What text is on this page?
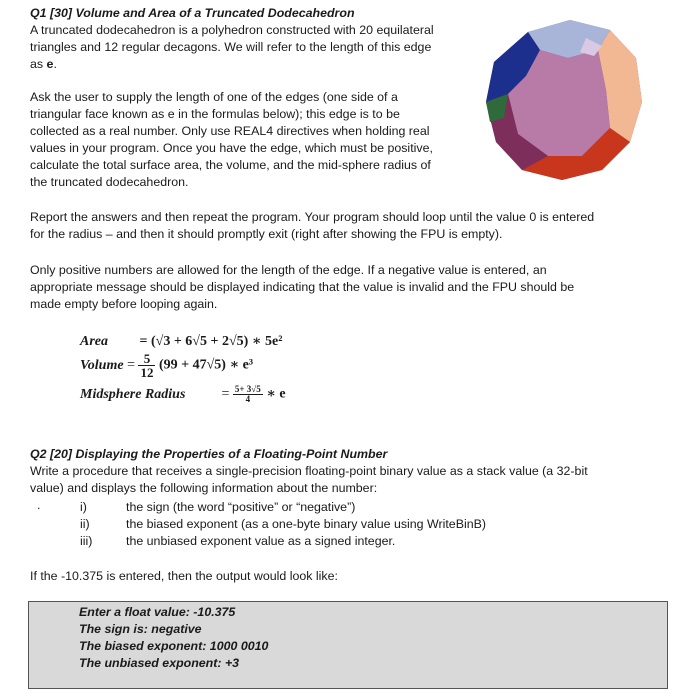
Q1 [30] Volume and Area of a Truncated Dodecahedron
A truncated dodecahedron is a polyhedron constructed with 20 equilateral
triangles and 12 regular decagons. We will refer to the length of this edge
as e.
Ask the user to supply the length of one of the edges (one side of a
triangular face known as e in the formulas below); this edge is to be
collected as a real number. Only use REAL4 directives when holding real
values in your program. Once you have the edge, which must be positive,
calculate the total surface area, the volume, and the mid-sphere radius of
the truncated dodecahedron.
Report the answers and then repeat the program. Your program should loop until the value 0 is entered
for the radius – and then it should promptly exit (right after showing the FPU is empty).
Only positive numbers are allowed for the length of the edge. If a negative value is entered, an
appropriate message should be displayed indicating that the value is invalid and the FPU should be
made empty before looping again.
Area = (√3 + 6√5 + 2√5) ∗ 5e²
Volume = $\frac{5}{12} (99 + 47√5)$ ∗ e³
Midsphere Radius	= $\frac{5+ 3√5}{4}$ ∗ e
Q2 [20] Displaying the Properties of a Floating-Point Number
Write a procedure that receives a single-precision floating-point binary value as a stack value (a 32-bit
value) and displays the following information about the number:
.	i)	the sign (the word “positive” or “negative”)
ii)	the biased exponent (as a one-byte binary value using WriteBinB)
iii)	the unbiased exponent value as a signed integer.
If the -10.375 is entered, then the output would look like:
Enter a float value: -10.375
The sign is: negative
The biased exponent: 1000 0010
The unbiased exponent: +3
